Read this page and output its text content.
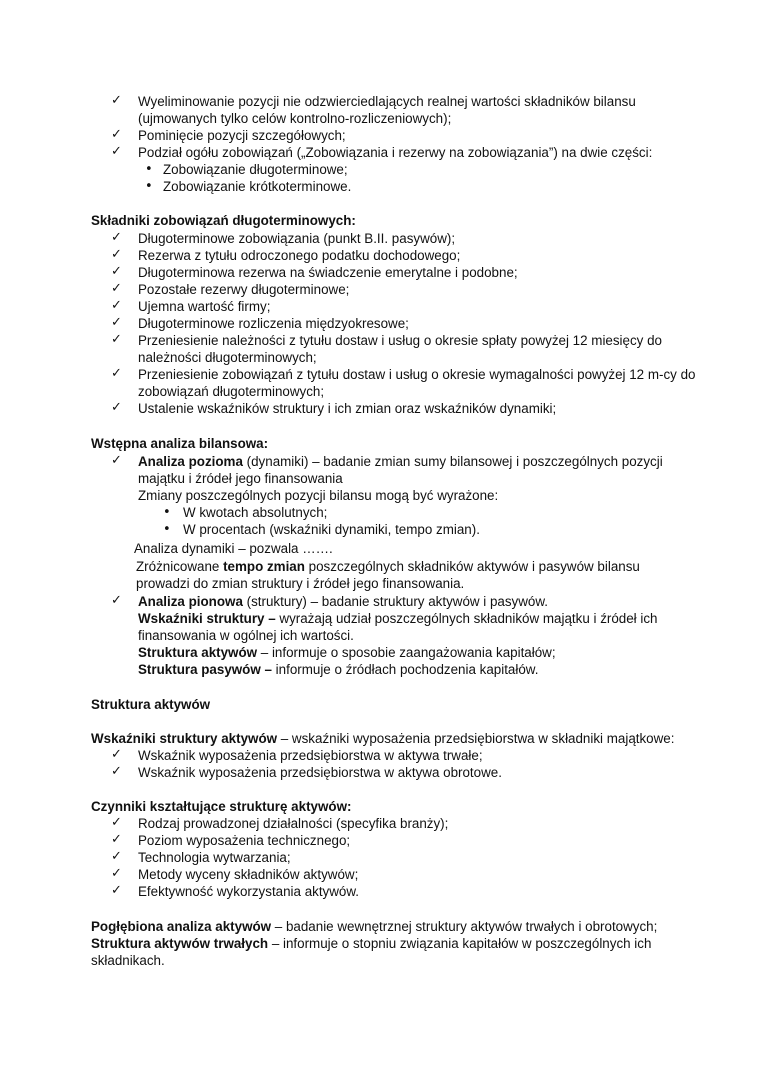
✓ Wyeliminowanie pozycji nie odzwierciedlających realnej wartości składników bilansu
(ujmowanych tylko celów kontrolno-rozliczeniowych);
✓ Pominięcie pozycji szczegółowych;
✓ Podział ogółu zobowiązań („Zobowiązania i rezerwy na zobowiązania”) na dwie części:
• Zobowiązanie długoterminowe;
• Zobowiązanie krótkoterminowe.
Składniki zobowiązań długoterminowych:
✓ Długoterminowe zobowiązania (punkt B.II. pasywów);
✓ Rezerwa z tytułu odroczonego podatku dochodowego;
✓ Długoterminowa rezerwa na świadczenie emerytalne i podobne;
✓ Pozostałe rezerwy długoterminowe;
✓ Ujemna wartość firmy;
✓ Długoterminowe rozliczenia międzyokresowe;
✓ Przeniesienie należności z tytułu dostaw i usług o okresie spłaty powyżej 12 miesięcy do
należności długoterminowych;
✓ Przeniesienie zobowiązań z tytułu dostaw i usług o okresie wymagalności powyżej 12 m-cy do
zobowiązań długoterminowych;
✓ Ustalenie wskaźników struktury i ich zmian oraz wskaźników dynamiki;
Wstępna analiza bilansowa:
✓ Analiza pozioma (dynamiki) – badanie zmian sumy bilansowej i poszczególnych pozycji
majątku i źródeł jego finansowania
Zmiany poszczególnych pozycji bilansu mogą być wyrażone:
• W kwotach absolutnych;
• W procentach (wskaźniki dynamiki, tempo zmian).
Analiza dynamiki – pozwala …….
Zróżnicowane tempo zmian poszczególnych składników aktywów i pasywów bilansu
prowadzi do zmian struktury i źródeł jego finansowania.
✓ Analiza pionowa (struktury) – badanie struktury aktywów i pasywów.
Wskaźniki struktury – wyrażają udział poszczególnych składników majątku i źródeł ich
finansowania w ogólnej ich wartości.
Struktura aktywów – informuje o sposobie zaangażowania kapitałów;
Struktura pasywów – informuje o źródłach pochodzenia kapitałów.
Struktura aktywów
Wskaźniki struktury aktywów – wskaźniki wyposażenia przedsiębiorstwa w składniki majątkowe:
✓ Wskaźnik wyposażenia przedsiębiorstwa w aktywa trwałe;
✓ Wskaźnik wyposażenia przedsiębiorstwa w aktywa obrotowe.
Czynniki kształtujące strukturę aktywów:
✓ Rodzaj prowadzonej działalności (specyfika branży);
✓ Poziom wyposażenia technicznego;
✓ Technologia wytwarzania;
✓ Metody wyceny składników aktywów;
✓ Efektywność wykorzystania aktywów.
Pogłębiona analiza aktywów – badanie wewnętrznej struktury aktywów trwałych i obrotowych;
Struktura aktywów trwałych – informuje o stopniu związania kapitałów w poszczególnych ich
składnikach.
